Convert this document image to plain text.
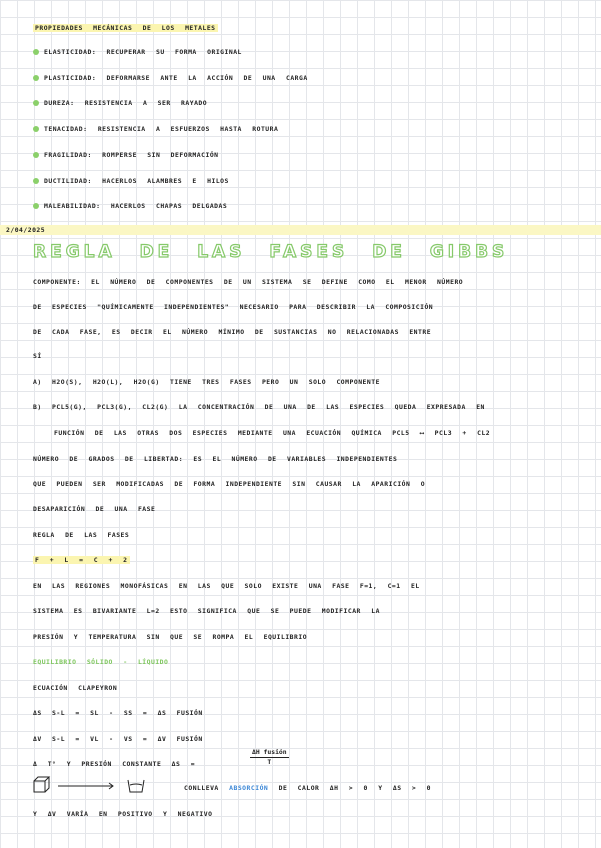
PROPIEDADES MECÁNICAS DE LOS METALES
ELASTICIDAD: RECUPERAR SU FORMA ORIGINAL
PLASTICIDAD: DEFORMARSE ANTE LA ACCIÓN DE UNA CARGA
DUREZA: RESISTENCIA A SER RAYADO
TENACIDAD: RESISTENCIA A ESFUERZOS HASTA ROTURA
FRAGILIDAD: ROMPERSE SIN DEFORMACIÓN
DUCTILIDAD: HACERLOS ALAMBRES E HILOS
MALEABILIDAD: HACERLOS CHAPAS DELGADAS
2/04/2025
REGLA DE LAS FASES DE GIBBS
COMPONENTE: EL NÚMERO DE COMPONENTES DE UN SISTEMA SE DEFINE COMO EL MENOR NÚMERO
DE ESPECIES "QUÍMICAMENTE INDEPENDIENTES" NECESARIO PARA DESCRIBIR LA COMPOSICIÓN
DE CADA FASE, ES DECIR EL NÚMERO MÍNIMO DE SUSTANCIAS NO RELACIONADAS ENTRE
SÍ
A) H2O(S), H2O(L), H2O(G) TIENE TRES FASES PERO UN SOLO COMPONENTE
B) PCL5(G), PCL3(G), CL2(G) LA CONCENTRACIÓN DE UNA DE LAS ESPECIES QUEDA EXPRESADA EN
FUNCIÓN DE LAS OTRAS DOS ESPECIES MEDIANTE UNA ECUACIÓN QUÍMICA PCL5 ⟷ PCL3 + CL2
NÚMERO DE GRADOS DE LIBERTAD: ES EL NÚMERO DE VARIABLES INDEPENDIENTES
QUE PUEDEN SER MODIFICADAS DE FORMA INDEPENDIENTE SIN CAUSAR LA APARICIÓN O
DESAPARICIÓN DE UNA FASE
REGLA DE LAS FASES
F + L = C + 2
EN LAS REGIONES MONOFÁSICAS EN LAS QUE SOLO EXISTE UNA FASE F=1, C=1 EL
SISTEMA ES BIVARIANTE L=2 ESTO SIGNIFICA QUE SE PUEDE MODIFICAR LA
PRESIÓN Y TEMPERATURA SIN QUE SE ROMPA EL EQUILIBRIO
EQUILIBRIO SÓLIDO - LÍQUIDO
ECUACIÓN CLAPEYRON
ΔS S-L = SL - SS = ΔS FUSIÓN
ΔV S-L = VL - VS = ΔV FUSIÓN
Δ T° Y PRESIÓN CONSTANTE ΔS =
ΔH fusión
T
CONLLEVA ABSORCIÓN DE CALOR ΔH > 0 Y ΔS > 0
Y ΔV VARÍA EN POSITIVO Y NEGATIVO
